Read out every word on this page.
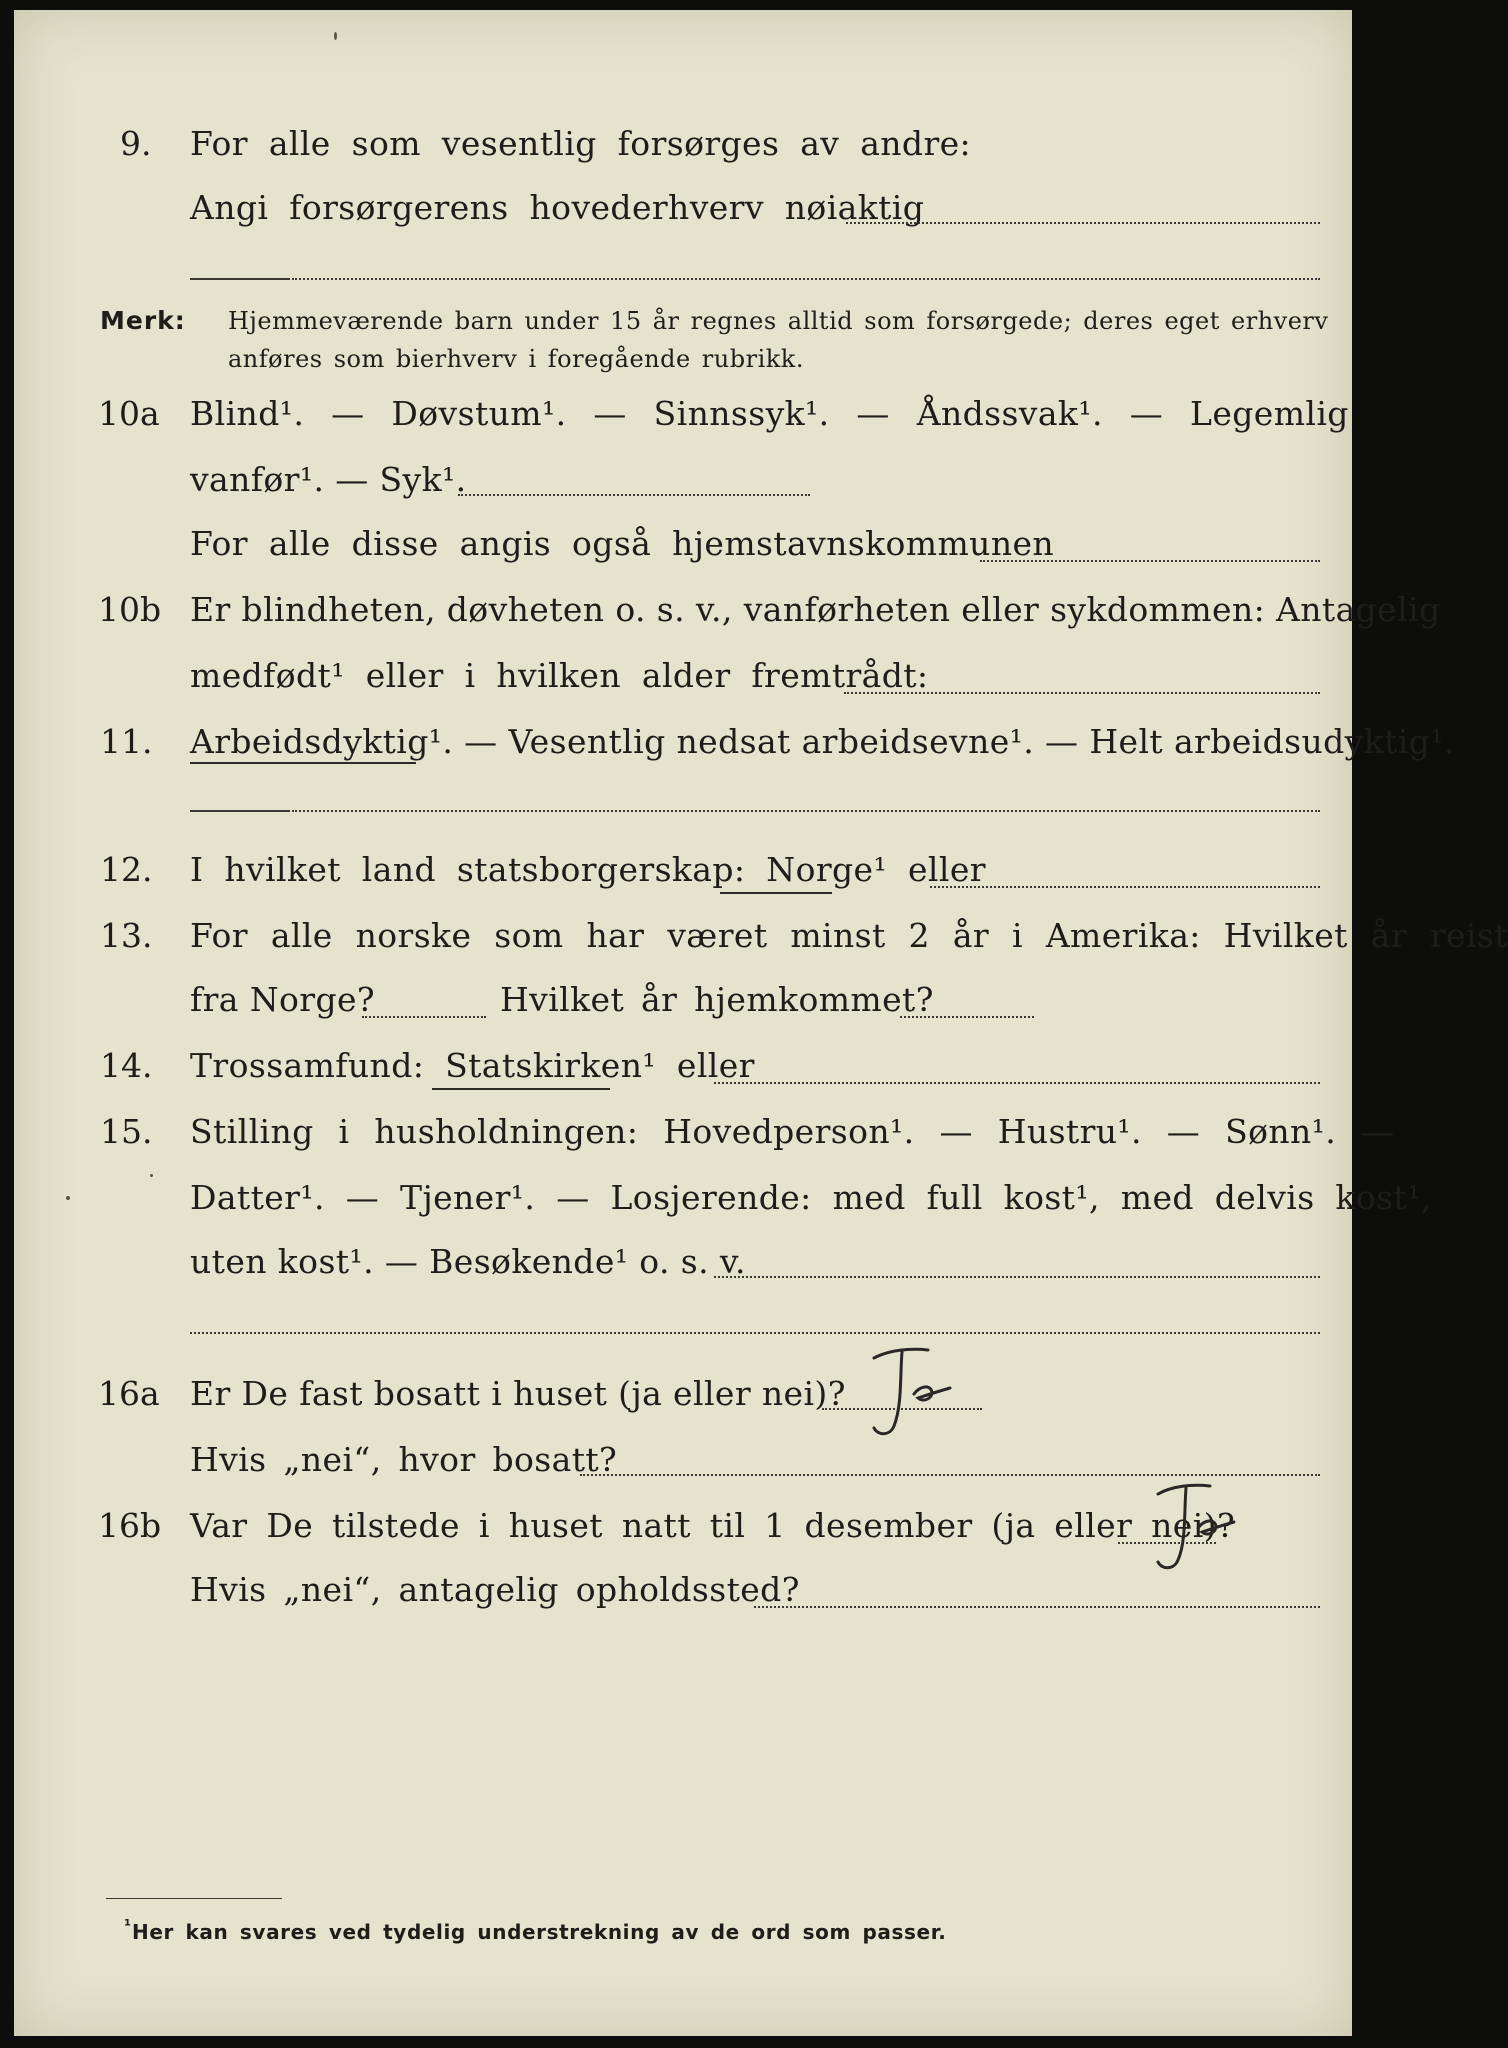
9.	For alle som vesentlig forsørges av andre:
Angi forsørgerens hovederhverv nøiaktig
Merk: Hjemmeværende barn under 15 år regnes alltid som forsørgede; deres eget erhverv
anføres som bierhverv i foregående rubrikk.
10a Blind¹. — Døvstum¹. — Sinnssyk¹. — Åndssvak¹. — Legemlig
vanfør¹. — Syk¹.
For alle disse angis også hjemstavnskommunen
10b Er blindheten, døvheten o. s. v., vanførheten eller sykdommen: Antagelig
medfødt¹ eller i hvilken alder fremtrådt:
11.	Arbeidsdyktig¹. — Vesentlig nedsat arbeidsevne¹. — Helt arbeidsudyktig¹.
12.	I hvilket land statsborgerskap: Norge¹ eller
13.	For alle norske som har været minst 2 år i Amerika: Hvilket år reist
fra Norge?	Hvilket år hjemkommet?
14.	Trossamfund: Statskirken¹ eller
15.	Stilling i husholdningen: Hovedperson¹. — Hustru¹. — Sønn¹. —
Datter¹. — Tjener¹. — Losjerende: med full kost¹, med delvis kost¹,
uten kost¹. — Besøkende¹ o. s. v.
16a Er De fast bosatt i huset (ja eller nei)?
Hvis „nei“, hvor bosatt?
16b Var De tilstede i huset natt til 1 desember (ja eller nei)?
Hvis „nei“, antagelig opholdssted?
¹ Her kan svares ved tydelig understrekning av de ord som passer.
